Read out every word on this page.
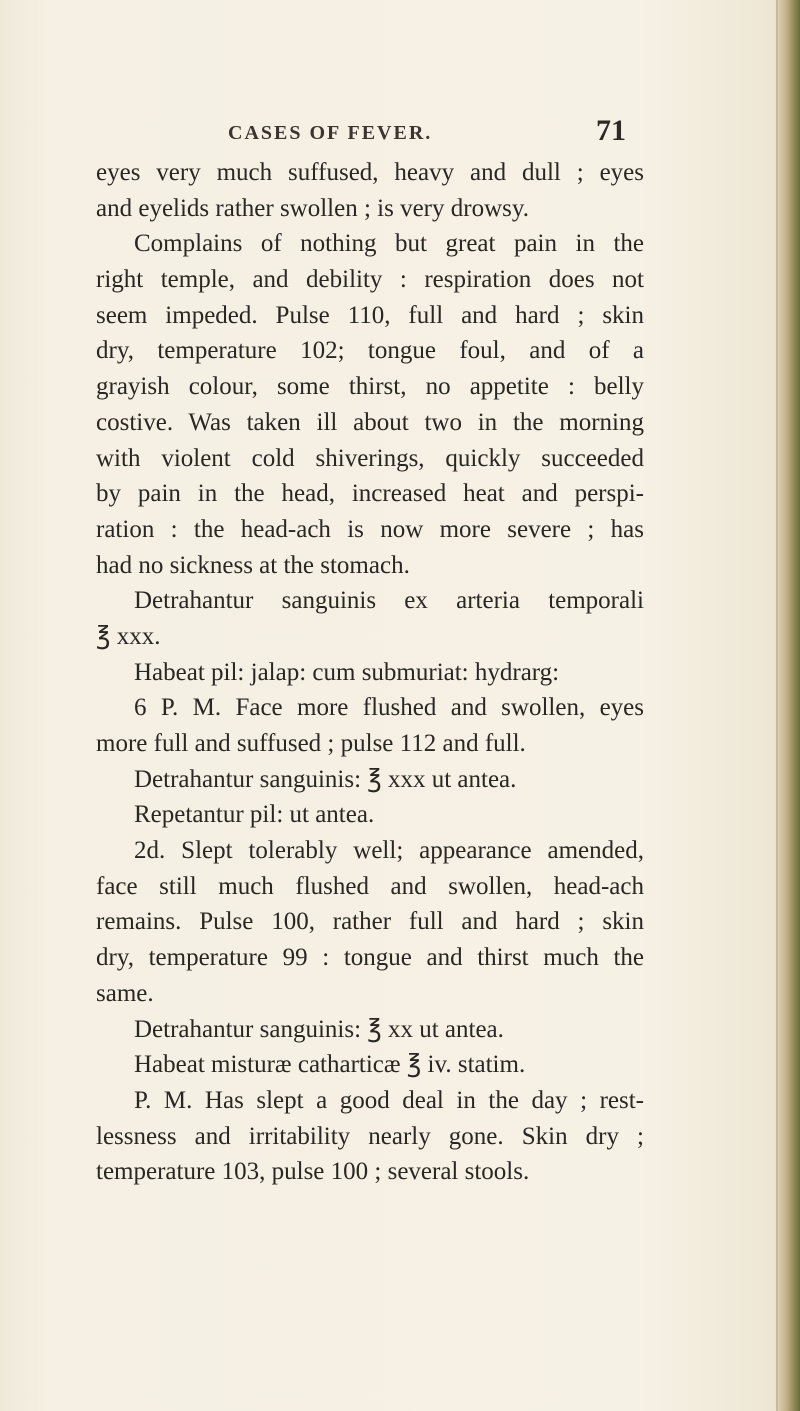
CASES OF FEVER.	71
eyes very much suffused, heavy and dull ; eyes
and eyelids rather swollen ; is very drowsy.
Complains of nothing but great pain in the
right temple, and debility : respiration does not
seem impeded. Pulse 110, full and hard ; skin
dry, temperature 102; tongue foul, and of a
grayish colour, some thirst, no appetite : belly
costive. Was taken ill about two in the morning
with violent cold shiverings, quickly succeeded
by pain in the head, increased heat and perspi-
ration : the head-ach is now more severe ; has
had no sickness at the stomach.
Detrahantur sanguinis ex arteria temporali
℥ xxx.
Habeat pil: jalap: cum submuriat: hydrarg:
6 P. M. Face more flushed and swollen, eyes
more full and suffused ; pulse 112 and full.
Detrahantur sanguinis: ℥ xxx ut antea.
Repetantur pil: ut antea.
2d. Slept tolerably well; appearance amended,
face still much flushed and swollen, head-ach
remains. Pulse 100, rather full and hard ; skin
dry, temperature 99 : tongue and thirst much the
same.
Detrahantur sanguinis: ℥ xx ut antea.
Habeat misturæ catharticæ ℥ iv. statim.
P. M. Has slept a good deal in the day ; rest-
lessness and irritability nearly gone. Skin dry ;
temperature 103, pulse 100 ; several stools.
